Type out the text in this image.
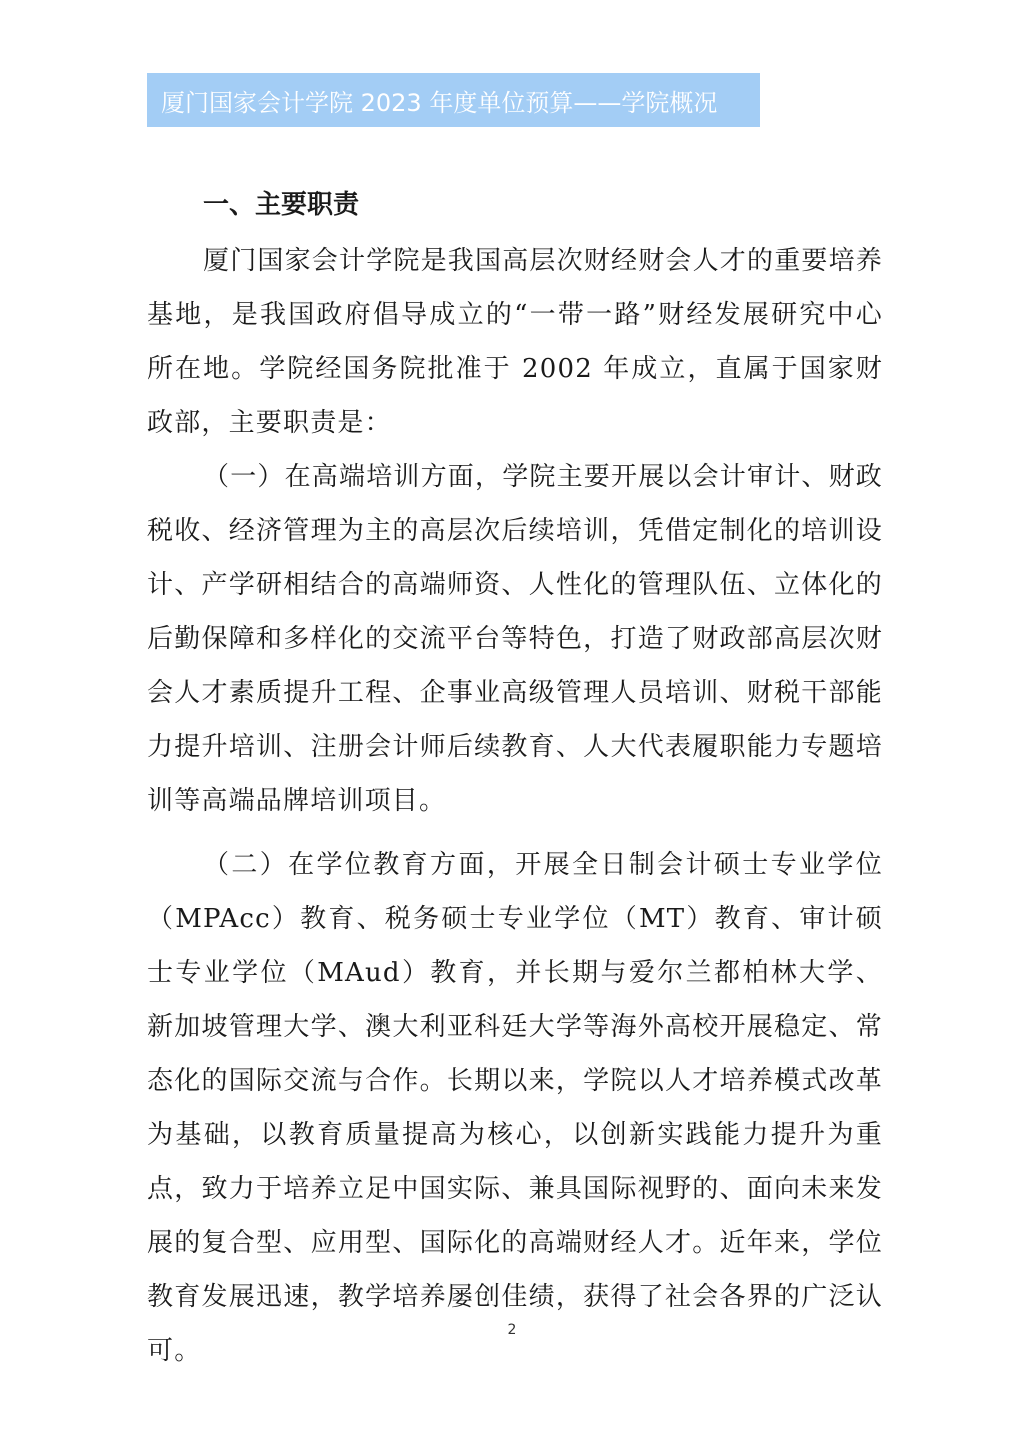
厦门国家会计学院 2023 年度单位预算——学院概况
一、主要职责

厦门国家会计学院是我国高层次财经财会人才的重要培养基地，是我国政府倡导成立的“一带一路”财经发展研究中心所在地。学院经国务院批准于 2002 年成立，直属于国家财政部，主要职责是：

（一）在高端培训方面，学院主要开展以会计审计、财政税收、经济管理为主的高层次后续培训，凭借定制化的培训设计、产学研相结合的高端师资、人性化的管理队伍、立体化的后勤保障和多样化的交流平台等特色，打造了财政部高层次财会人才素质提升工程、企事业高级管理人员培训、财税干部能力提升培训、注册会计师后续教育、人大代表履职能力专题培训等高端品牌培训项目。

（二）在学位教育方面，开展全日制会计硕士专业学位（MPAcc）教育、税务硕士专业学位（MT）教育、审计硕士专业学位（MAud）教育，并长期与爱尔兰都柏林大学、新加坡管理大学、澳大利亚科廷大学等海外高校开展稳定、常态化的国际交流与合作。长期以来，学院以人才培养模式改革为基础，以教育质量提高为核心，以创新实践能力提升为重点，致力于培养立足中国实际、兼具国际视野的、面向未来发展的复合型、应用型、国际化的高端财经人才。近年来，学位教育发展迅速，教学培养屡创佳绩，获得了社会各界的广泛认可。

2
